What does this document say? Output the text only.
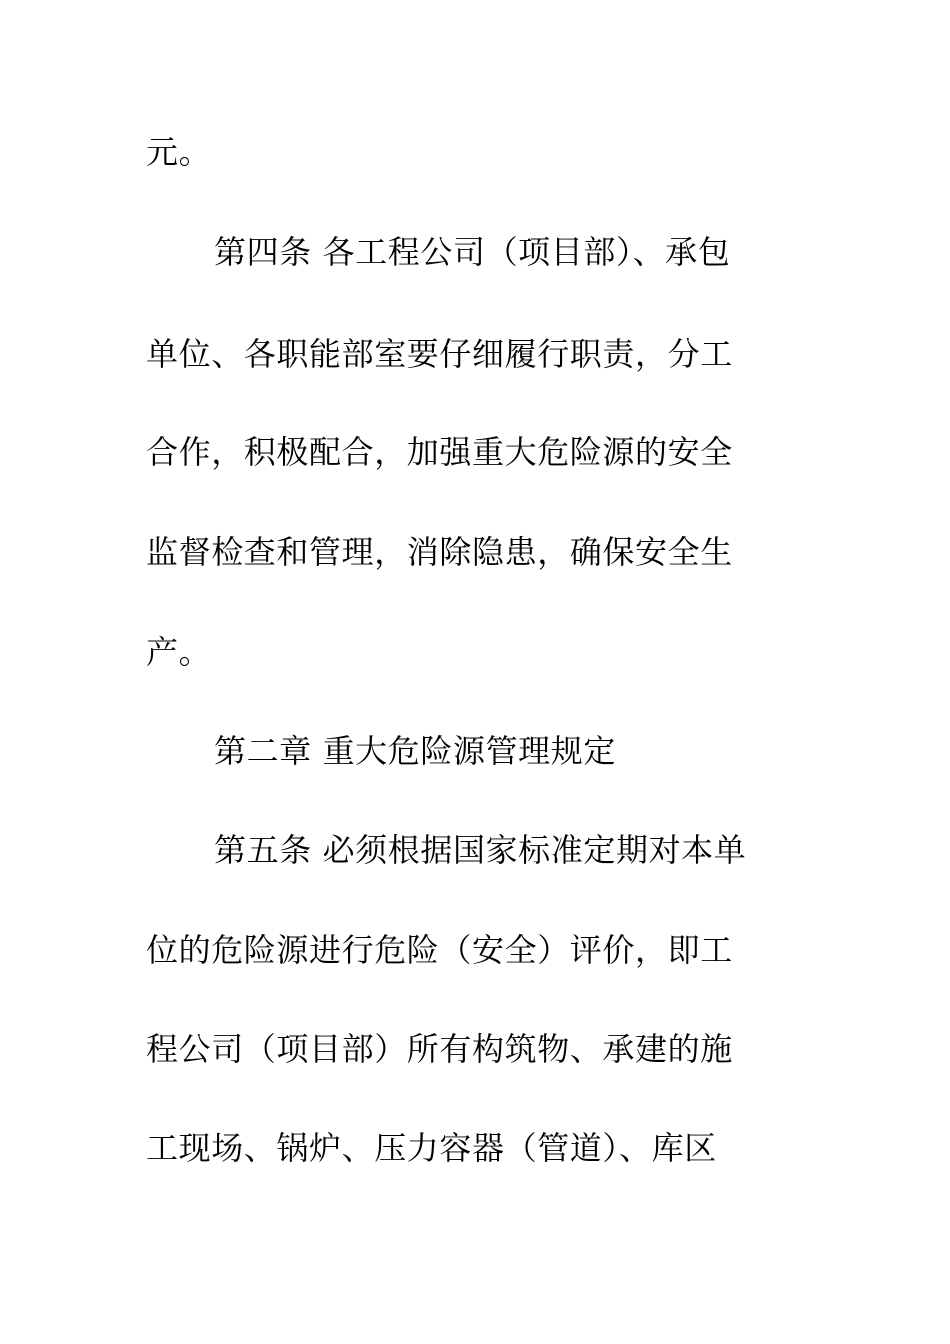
元。
第四条 各工程公司（项目部）、承包
单位、各职能部室要仔细履行职责，分工
合作，积极配合，加强重大危险源的安全
监督检查和管理，消除隐患，确保安全生
产。
第二章 重大危险源管理规定
第五条 必须根据国家标准定期对本单
位的危险源进行危险（安全）评价，即工
程公司（项目部）所有构筑物、承建的施
工现场、锅炉、压力容器（管道）、库区
